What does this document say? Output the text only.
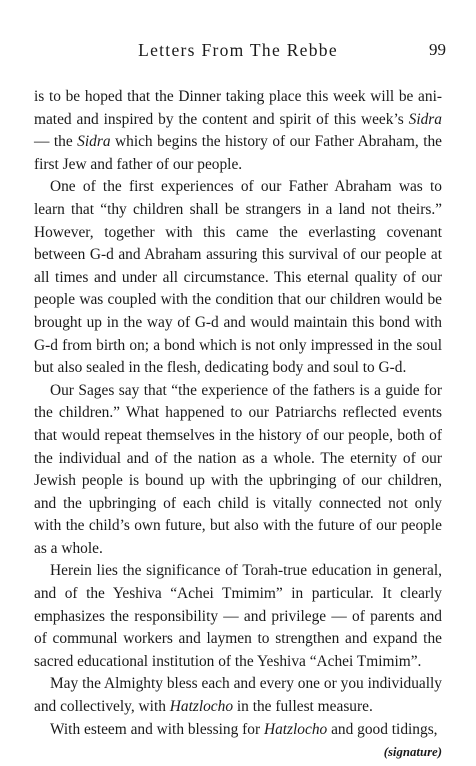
Letters From The Rebbe	99

is to be hoped that the Dinner taking place this week will be animated and inspired by the content and spirit of this week’s Sidra — the Sidra which begins the history of our Father Abraham, the first Jew and father of our people.

One of the first experiences of our Father Abraham was to learn that “thy children shall be strangers in a land not theirs.” However, together with this came the everlasting covenant between G-d and Abraham assuring this survival of our people at all times and under all circumstance. This eternal quality of our people was coupled with the condition that our children would be brought up in the way of G-d and would maintain this bond with G-d from birth on; a bond which is not only impressed in the soul but also sealed in the flesh, dedicating body and soul to G-d.

Our Sages say that “the experience of the fathers is a guide for the children.” What happened to our Patriarchs reflected events that would repeat themselves in the history of our people, both of the individual and of the nation as a whole. The eternity of our Jewish people is bound up with the upbringing of our children, and the upbringing of each child is vitally connected not only with the child’s own future, but also with the future of our people as a whole.

Herein lies the significance of Torah-true education in general, and of the Yeshiva “Achei Tmimim” in particular. It clearly emphasizes the responsibility — and privilege — of parents and of communal workers and laymen to strengthen and expand the sacred educational institution of the Yeshiva “Achei Tmimim”.

May the Almighty bless each and every one or you individually and collectively, with Hatzlocho in the fullest measure.

With esteem and with blessing for Hatzlocho and good tidings,

(signature)
